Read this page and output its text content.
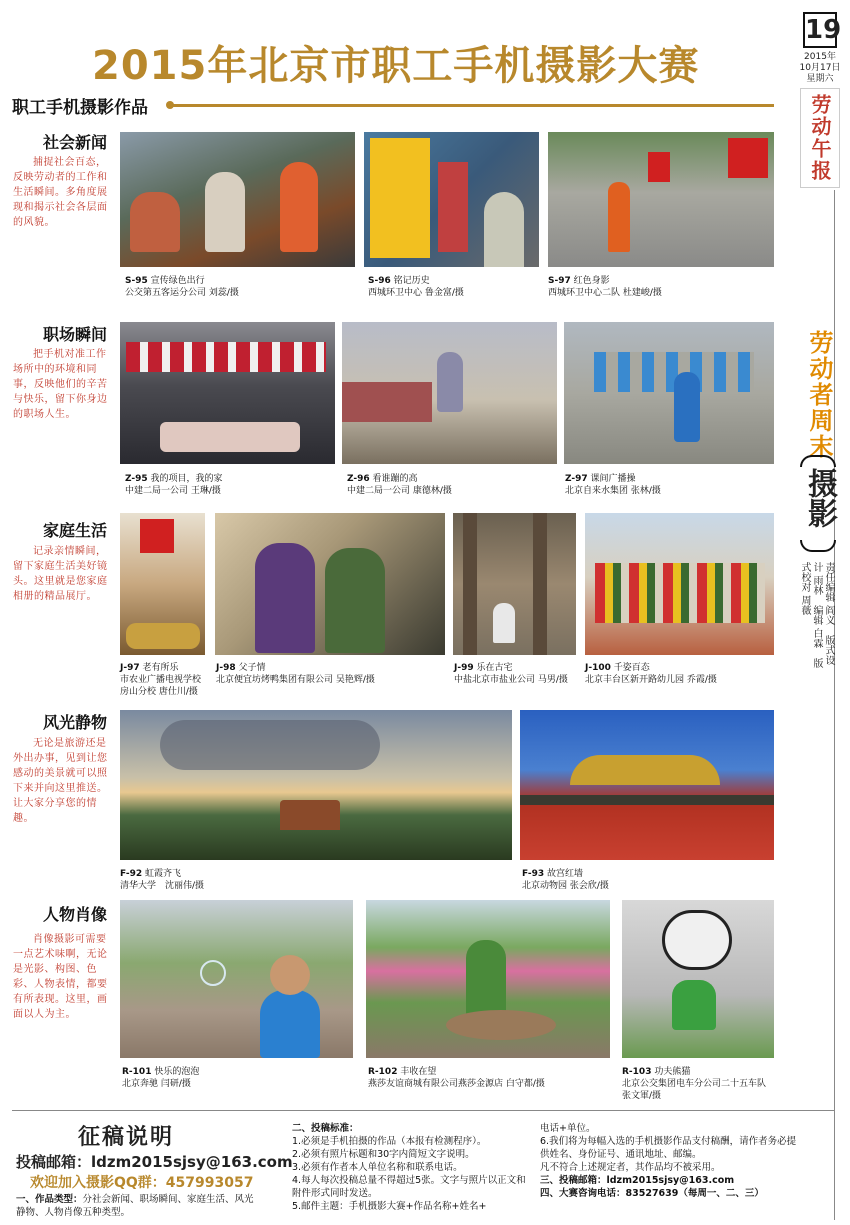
2015年北京市职工手机摄影大赛
职工手机摄影作品
19
2015年
10月17日
星期六
劳动午报
劳动者周末
摄影
责任编辑 阎义　版式设计 雨林　编辑 白霖　版式校对 周薇
社会新闻
捕捉社会百态，反映劳动者的工作和生活瞬间。多角度展现和揭示社会各层面的风貌。
职场瞬间
把手机对准工作场所中的环境和同事，反映他们的辛苦与快乐，留下你身边的职场人生。
家庭生活
记录亲情瞬间，留下家庭生活美好镜头。这里就是您家庭相册的精品展厅。
风光静物
无论是旅游还是外出办事，见到让您感动的美景就可以照下来并向这里推送。让大家分享您的情趣。
人物肖像
肖像摄影可需要一点艺术味啊，无论是光影、构图、色彩、人物表情，都要有所表现。这里，画面以人为主。
S-95 宣传绿色出行
公交第五客运分公司 刘蕊/摄
S-96 铭记历史
西城环卫中心 鲁金富/摄
S-97 红色身影
西城环卫中心二队 杜建峻/摄
Z-95 我的项目，我的家
中建二局一公司 王琳/摄
Z-96 看谁蹦的高
中建二局一公司 康德林/摄
Z-97 课间广播操
北京自来水集团 张林/摄
J-97 老有所乐
市农业广播电视学校
房山分校 唐仕川/摄
J-98 父子情
北京便宜坊烤鸭集团有限公司 吴艳辉/摄
J-99 乐在古宅
中盐北京市盐业公司 马男/摄
J-100 千姿百态
北京丰台区新开路幼儿园 乔霞/摄
F-92 虹霞齐飞
清华大学　沈丽伟/摄
F-93 故宫红墙
北京动物园 张会欣/摄
R-101 快乐的泡泡
北京奔驰 闫研/摄
R-102 丰收在望
燕莎友谊商城有限公司燕莎金源店 白守都/摄
R-103 功夫熊猫
北京公交集团电车分公司二十五车队
张文軍/摄
征稿说明
投稿邮箱：ldzm2015sjsy@163.com
欢迎加入摄影QQ群：457993057
一、作品类型：分社会新闻、职场瞬间、家庭生活、风光静物、人物肖像五种类型。
二、投稿标准：
1.必须是手机拍摄的作品（本报有检测程序）。
2.必须有照片标题和30字内简短文字说明。
3.必须有作者本人单位名称和联系电话。
4.每人每次投稿总量不得超过5张。文字与照片以正文和附件形式同时发送。
5.邮件主题：手机摄影大赛+作品名称+姓名+
电话+单位。
6.我们将为每幅入选的手机摄影作品支付稿酬，请作者务必提供姓名、身份证号、通讯地址、邮编。
凡不符合上述规定者，其作品均不被采用。
三、投稿邮箱：ldzm2015sjsy@163.com
四、大赛咨询电话：83527639（每周一、二、三）
